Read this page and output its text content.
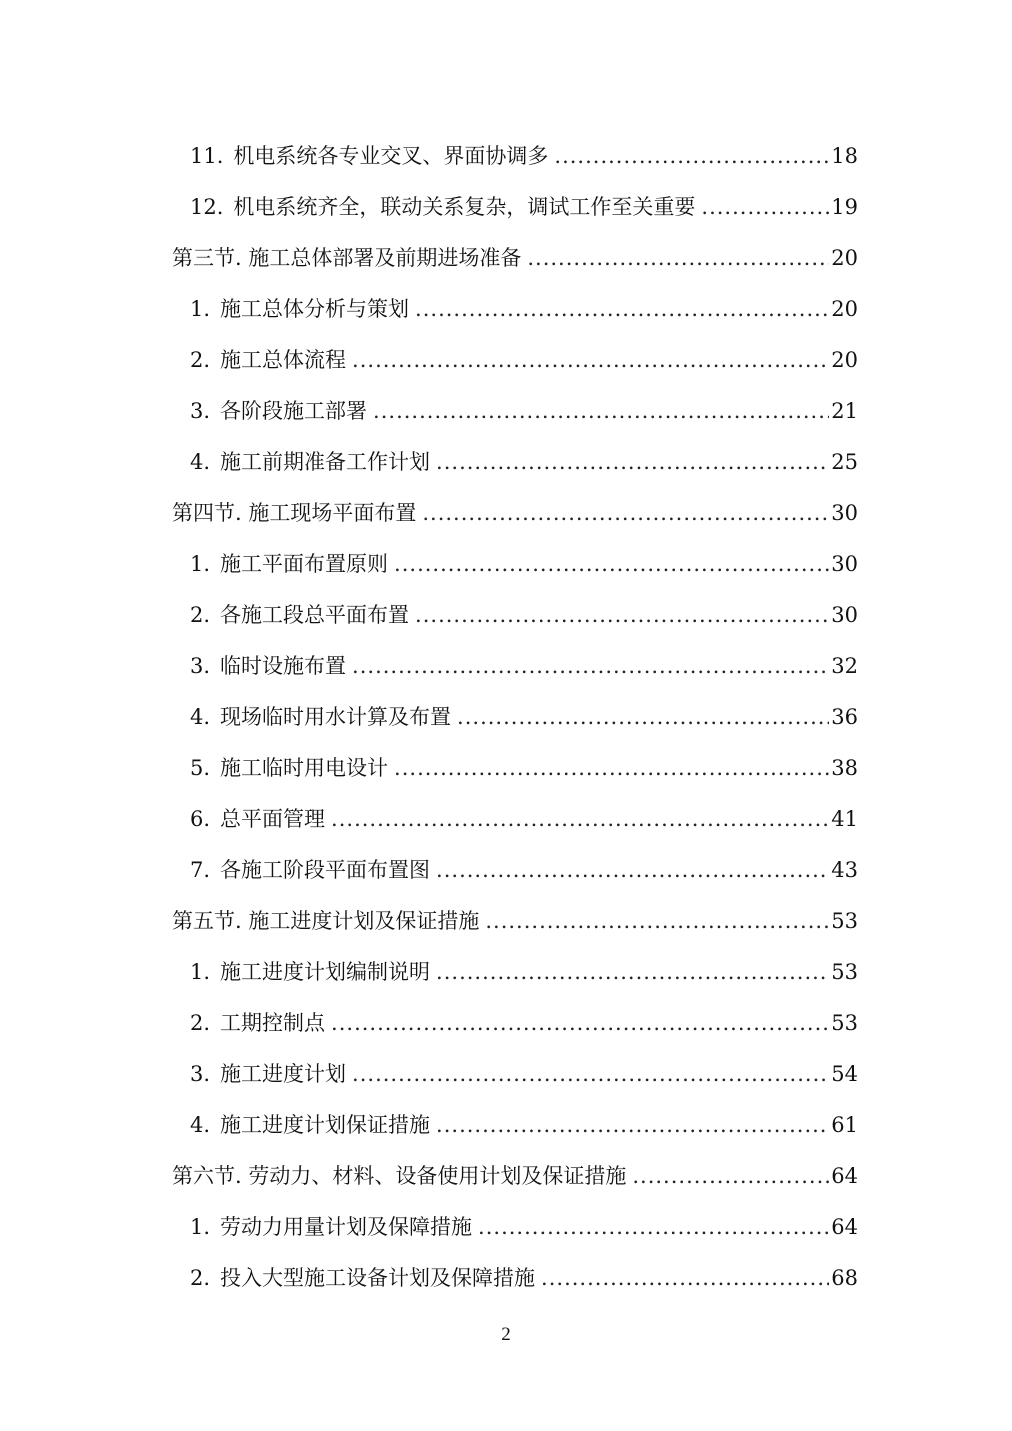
11. 机电系统各专业交叉、界面协调多 .....	18
12. 机电系统齐全，联动关系复杂，调试工作至关重要 .....	19
第三节. 施工总体部署及前期进场准备 .....	20
1. 施工总体分析与策划 .....	20
2. 施工总体流程 .....	20
3. 各阶段施工部署 .....	21
4. 施工前期准备工作计划 .....	25
第四节. 施工现场平面布置 .....	30
1. 施工平面布置原则 .....	30
2. 各施工段总平面布置 .....	30
3. 临时设施布置 .....	32
4. 现场临时用水计算及布置 .....	36
5. 施工临时用电设计 .....	38
6. 总平面管理 .....	41
7. 各施工阶段平面布置图 .....	43
第五节. 施工进度计划及保证措施 .....	53
1. 施工进度计划编制说明 .....	53
2. 工期控制点 .....	53
3. 施工进度计划 .....	54
4. 施工进度计划保证措施 .....	61
第六节. 劳动力、材料、设备使用计划及保证措施 .....	64
1. 劳动力用量计划及保障措施 .....	64
2. 投入大型施工设备计划及保障措施 .....	68
2
